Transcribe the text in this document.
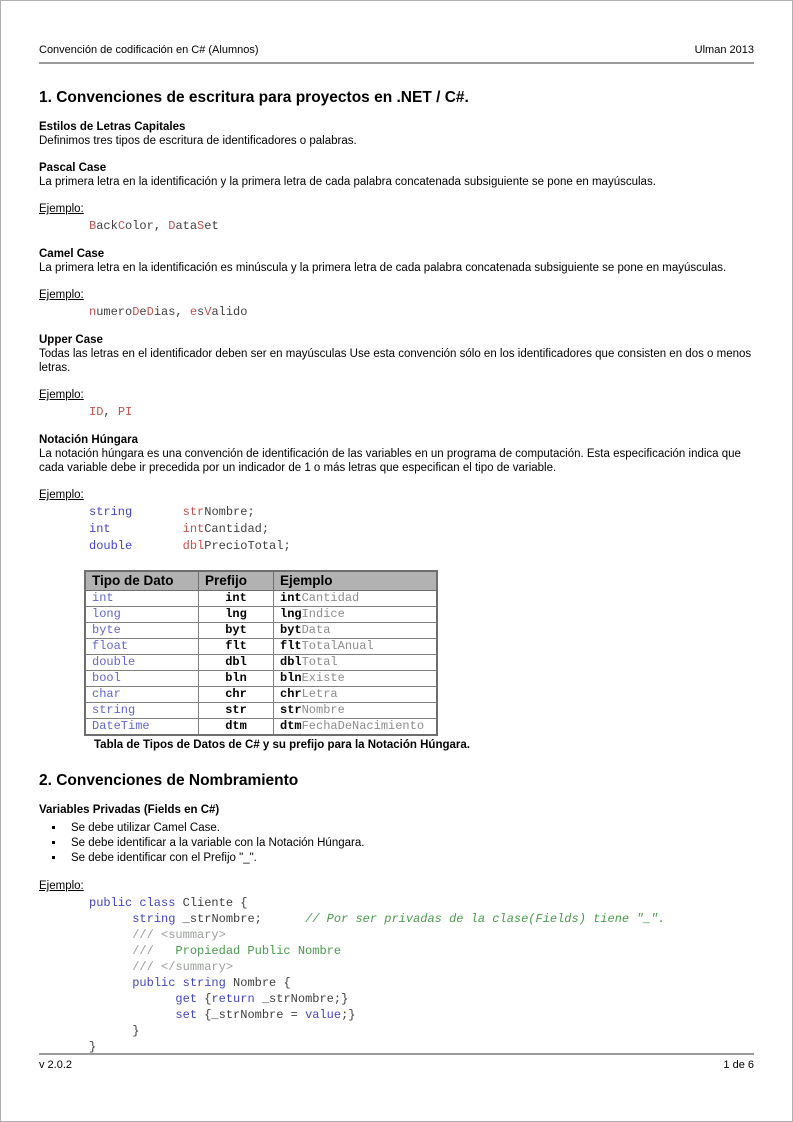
Convención de codificación en C# (Alumnos)	Ulman 2013
1. Convenciones de escritura para proyectos en .NET / C#.
Estilos de Letras Capitales

Definimos tres tipos de escritura de identificadores o palabras.

Pascal Case

La primera letra en la identificación y la primera letra de cada palabra concatenada subsiguiente se pone en mayúsculas.

Ejemplo:
BackColor, DataSet
Camel Case

La primera letra en la identificación es minúscula y la primera letra de cada palabra concatenada subsiguiente se pone en mayúsculas.

Ejemplo:
numeroDeDias, esValido
Upper Case

Todas las letras en el identificador deben ser en mayúsculas Use esta convención sólo en los identificadores que consisten en dos o menos letras.

Ejemplo:
ID, PI
Notación Húngara

La notación húngara es una convención de identificación de las variables en un programa de computación. Esta especificación indica que cada variable debe ir precedida por un indicador de 1 o más letras que especifican el tipo de variable.

Ejemplo:
string	strNombre;
int	intCantidad;
double	dblPrecioTotal;
Tipo de Dato	Prefijo	Ejemplo
int	int	intCantidad
long	lng	lngIndice
byte	byt	bytData
float	flt	fltTotalAnual
double	dbl	dblTotal
bool	bln	blnExiste
char	chr	chrLetra
string	str	strNombre
DateTime	dtm	dtmFechaDeNacimiento
Tabla de Tipos de Datos de C# y su prefijo para la Notación Húngara.
2. Convenciones de Nombramiento
Variables Privadas (Fields en C#)
▪ Se debe utilizar Camel Case.
▪ Se debe identificar a la variable con la Notación Húngara.
▪ Se debe identificar con el Prefijo "_".
Ejemplo:
public class Cliente {
string _strNombre;      // Por ser privadas de la clase(Fields) tiene "_".
/// <summary>
///   Propiedad Public Nombre
/// </summary>
public string Nombre {
get {return _strNombre;}
set {_strNombre = value;}
}
}
v 2.0.2	1 de 6
